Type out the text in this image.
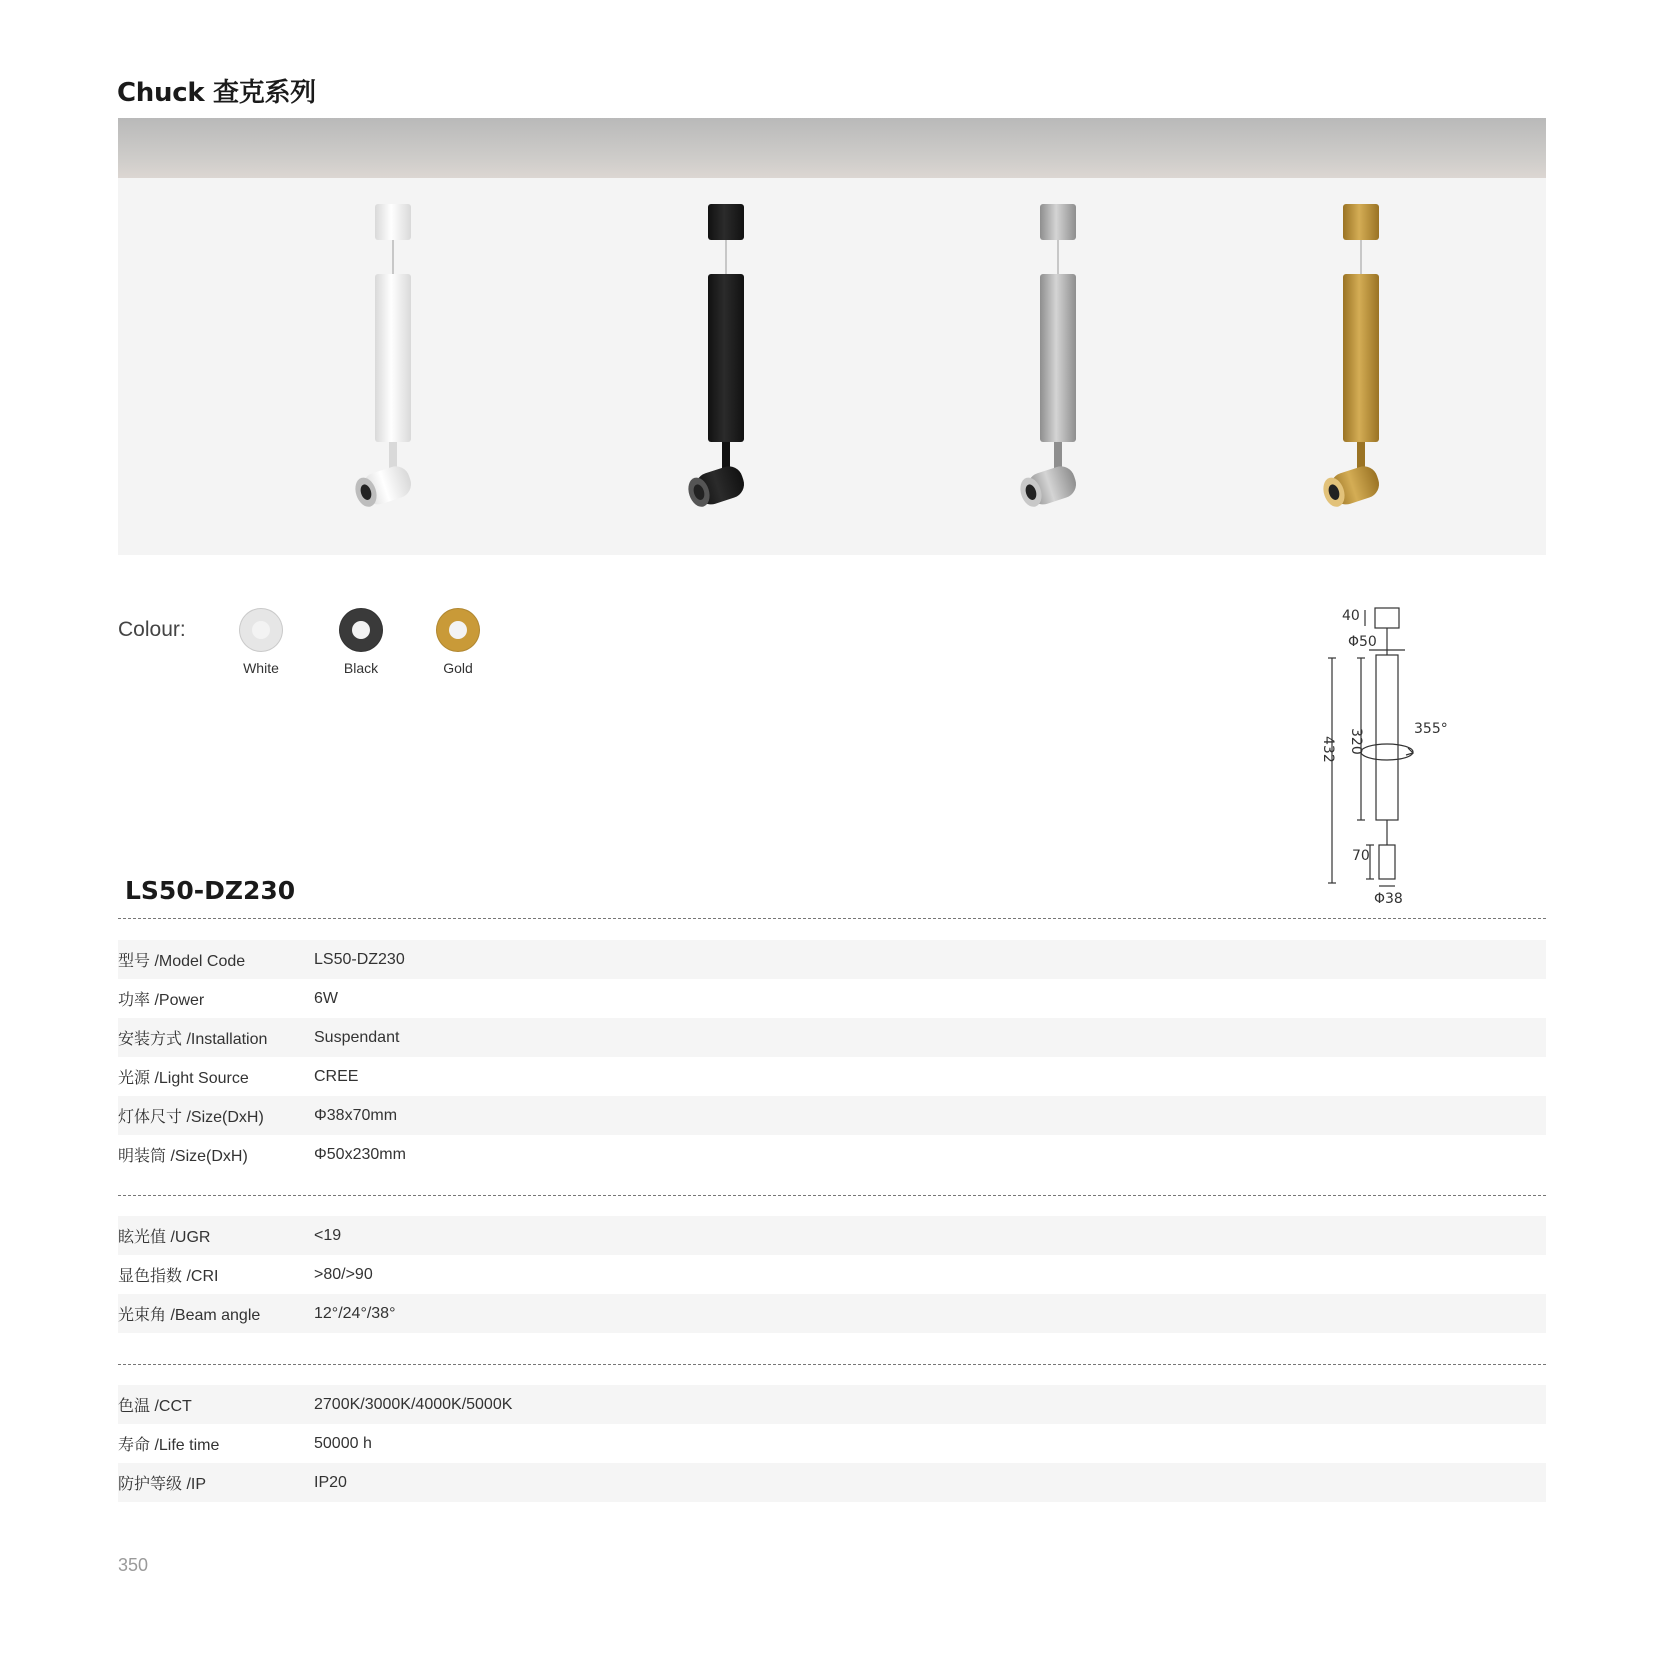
Chuck 查克系列
Colour:
White	Black	Gold
40
Φ50
432 320	355°
70
Φ38
LS50-DZ230
型号 /Model Code	LS50-DZ230
功率 /Power	6W
安装方式 /Installation	Suspendant
光源 /Light Source	CREE
灯体尺寸 /Size(DxH)	Φ38x70mm
明装筒 /Size(DxH)	Φ50x230mm
眩光值 /UGR	<19
显色指数 /CRI	>80/>90
光束角 /Beam angle	12°/24°/38°
色温 /CCT	2700K/3000K/4000K/5000K
寿命 /Life time	50000 h
防护等级 /IP	IP20
350
